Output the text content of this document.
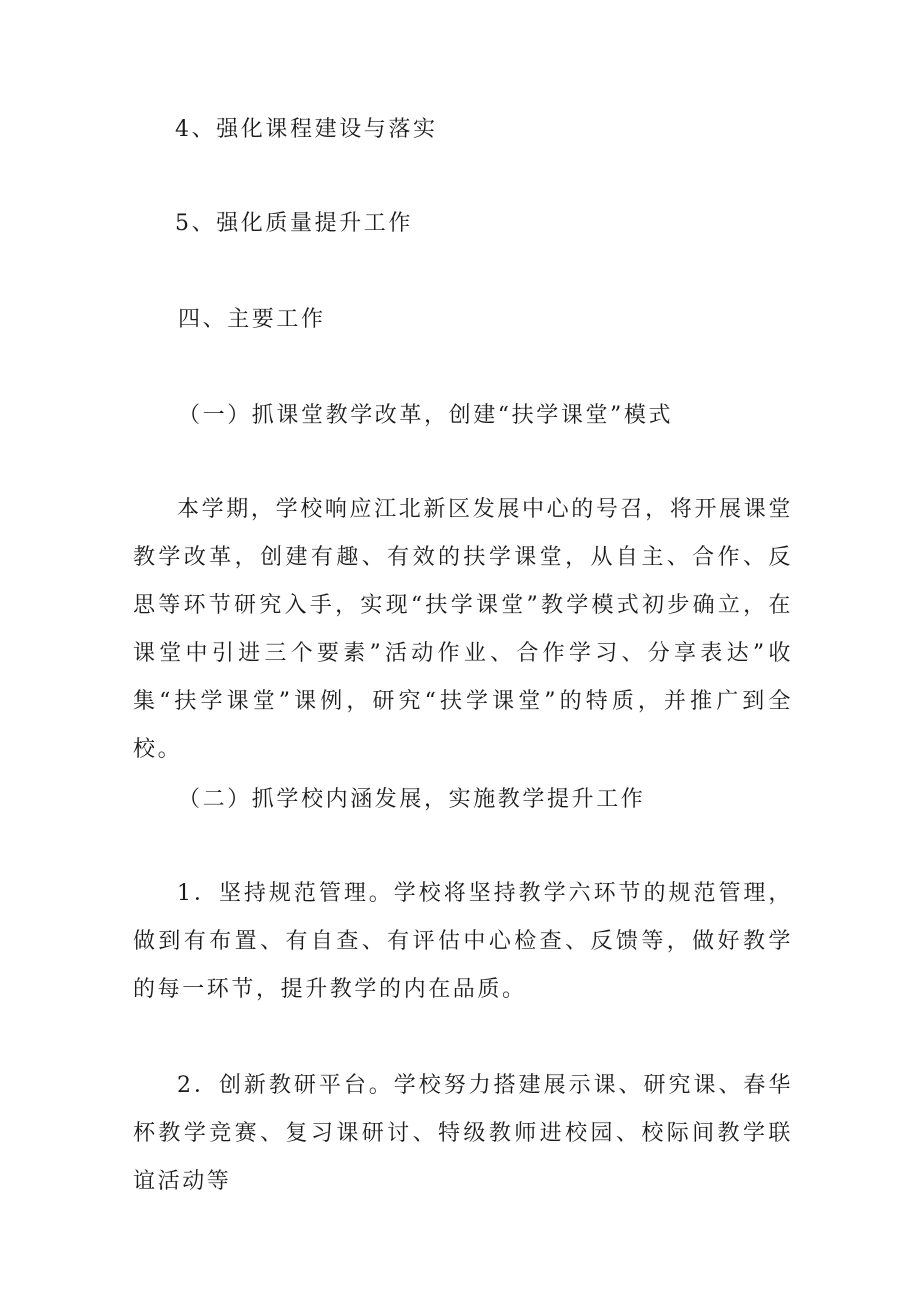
4、强化课程建设与落实
5、强化质量提升工作
四、主要工作
（一）抓课堂教学改革，创建“扶学课堂”模式

本学期，学校响应江北新区发展中心的号召，将开展课堂教学改革，创建有趣、有效的扶学课堂，从自主、合作、反思等环节研究入手，实现“扶学课堂”教学模式初步确立，在课堂中引进三个要素”活动作业、合作学习、分享表达”收集“扶学课堂”课例，研究“扶学课堂”的特质，并推广到全校。

（二）抓学校内涵发展，实施教学提升工作

1．坚持规范管理。学校将坚持教学六环节的规范管理，做到有布置、有自查、有评估中心检查、反馈等，做好教学的每一环节，提升教学的内在品质。

2．创新教研平台。学校努力搭建展示课、研究课、春华杯教学竞赛、复习课研讨、特级教师进校园、校际间教学联谊活动等
